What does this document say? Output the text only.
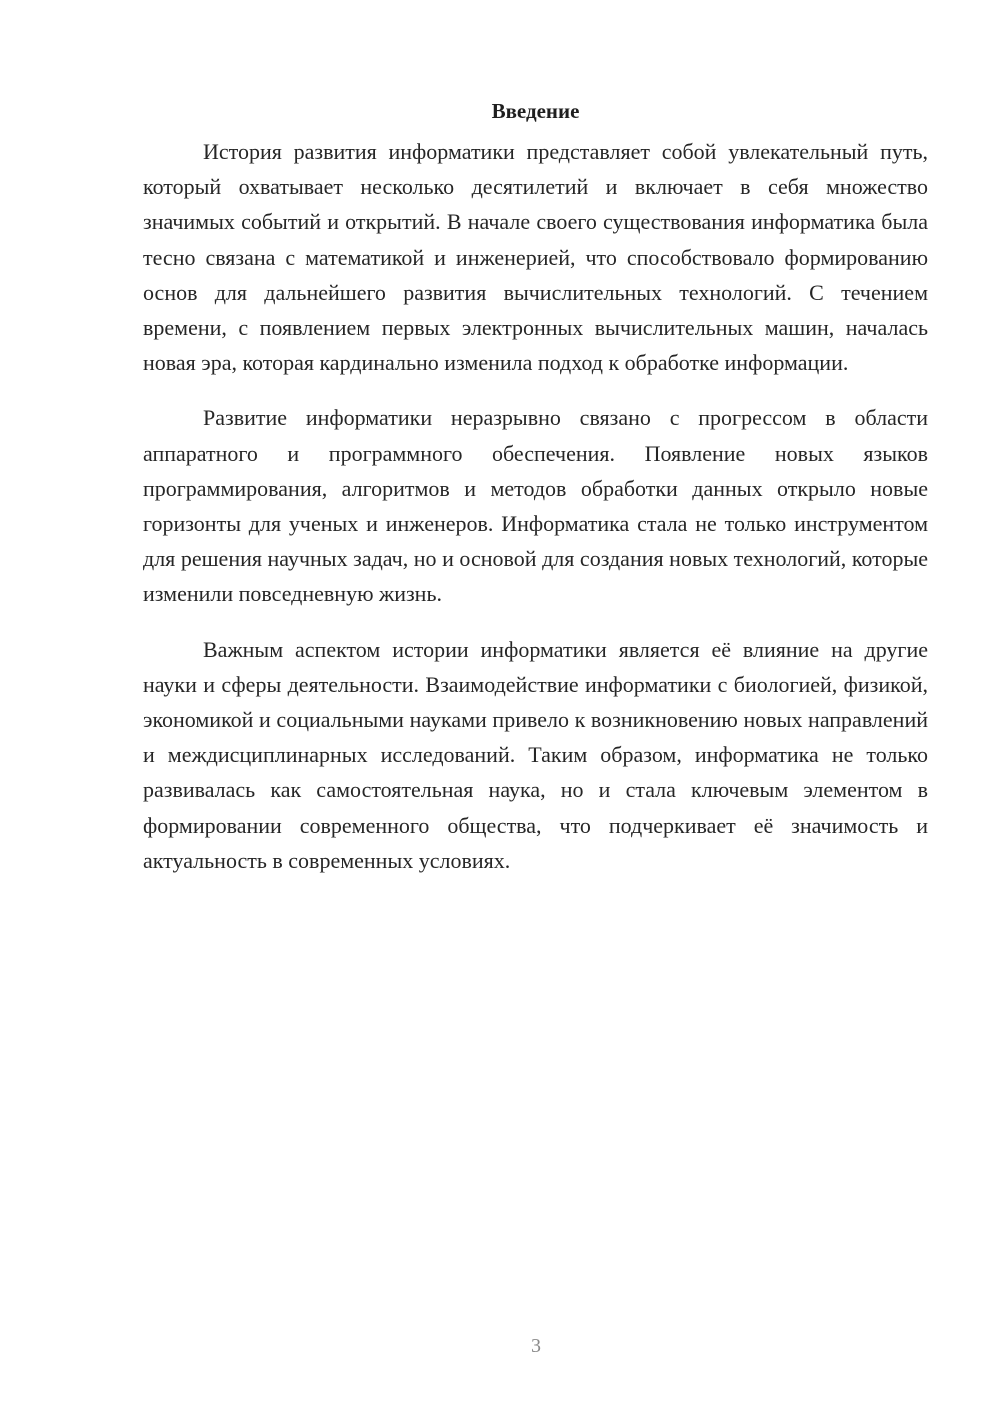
Введение

История развития информатики представляет собой увлекательный путь, который охватывает несколько десятилетий и включает в себя множество значимых событий и открытий. В начале своего существования информатика была тесно связана с математикой и инженерией, что способствовало формированию основ для дальнейшего развития вычислительных технологий. С течением времени, с появлением первых электронных вычислительных машин, началась новая эра, которая кардинально изменила подход к обработке информации.

Развитие информатики неразрывно связано с прогрессом в области аппаратного и программного обеспечения. Появление новых языков программирования, алгоритмов и методов обработки данных открыло новые горизонты для ученых и инженеров. Информатика стала не только инструментом для решения научных задач, но и основой для создания новых технологий, которые изменили повседневную жизнь.

Важным аспектом истории информатики является её влияние на другие науки и сферы деятельности. Взаимодействие информатики с биологией, физикой, экономикой и социальными науками привело к возникновению новых направлений и междисциплинарных исследований. Таким образом, информатика не только развивалась как самостоятельная наука, но и стала ключевым элементом в формировании современного общества, что подчеркивает её значимость и актуальность в современных условиях.

3
